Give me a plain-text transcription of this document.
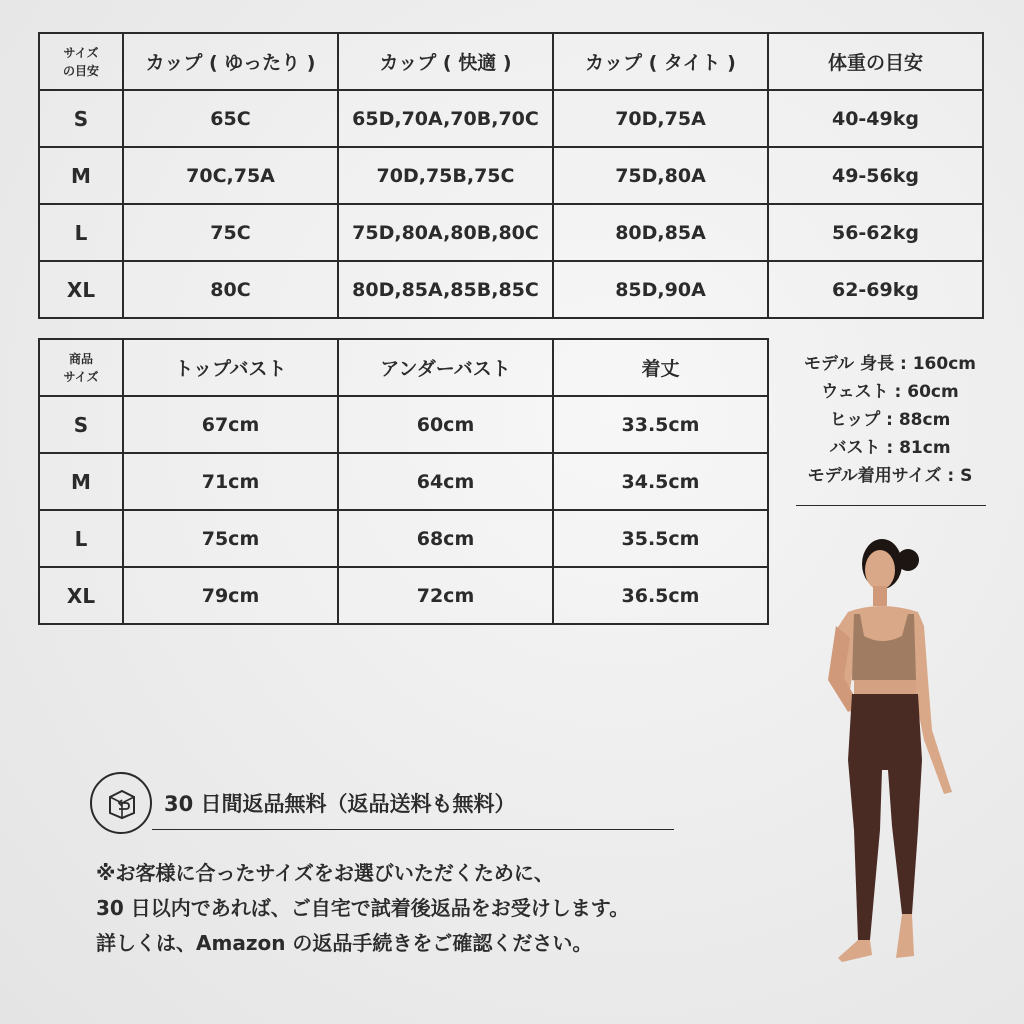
サイズ
の目安	カップ ( ゆったり )	カップ ( 快適 )	カップ ( タイト )	体重の目安
S	65C	65D,70A,70B,70C	70D,75A	40-49kg
M	70C,75A	70D,75B,75C	75D,80A	49-56kg
L	75C	75D,80A,80B,80C	80D,85A	56-62kg
XL	80C	80D,85A,85B,85C	85D,90A	62-69kg
商品
サイズ	トップバスト	アンダーバスト	着丈
S	67cm	60cm	33.5cm
M	71cm	64cm	34.5cm
L	75cm	68cm	35.5cm
XL	79cm	72cm	36.5cm
モデル 身長 : 160cm
ウェスト : 60cm
ヒップ : 88cm
バスト : 81cm
モデル着用サイズ : S
30 日間返品無料（返品送料も無料）
※お客様に合ったサイズをお選びいただくために、
30 日以内であれば、ご自宅で試着後返品をお受けします。
詳しくは、Amazon の返品手続きをご確認ください。
